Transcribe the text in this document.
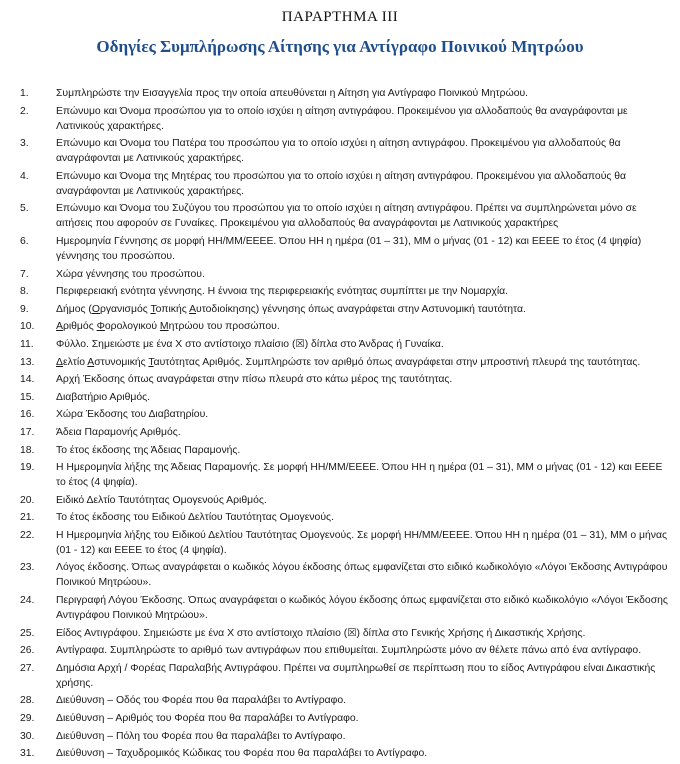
ΠΑΡΑΡΤΗΜΑ III
Οδηγίες Συμπλήρωσης Αίτησης για Αντίγραφο Ποινικού Μητρώου
1.	Συμπληρώστε την Εισαγγελία προς την οποία απευθύνεται η Αίτηση για Αντίγραφο Ποινικού Μητρώου.
2.	Επώνυμο και Όνομα προσώπου για το οποίο ισχύει η αίτηση αντιγράφου. Προκειμένου για αλλοδαπούς θα αναγράφονται με Λατινικούς χαρακτήρες.
3.	Επώνυμο και Όνομα του Πατέρα του προσώπου για το οποίο ισχύει η αίτηση αντιγράφου. Προκειμένου για αλλοδαπούς θα αναγράφονται με Λατινικούς χαρακτήρες.
4.	Επώνυμο και Όνομα της Μητέρας του προσώπου για το οποίο ισχύει η αίτηση αντιγράφου. Προκειμένου για αλλοδαπούς θα αναγράφονται με Λατινικούς χαρακτήρες.
5.	Επώνυμο και Όνομα του Συζύγου του προσώπου για το οποίο ισχύει η αίτηση αντιγράφου. Πρέπει να συμπληρώνεται μόνο σε αιτήσεις που αφορούν σε Γυναίκες. Προκειμένου για αλλοδαπούς θα αναγράφονται με Λατινικούς χαρακτήρες
6.	Ημερομηνία Γέννησης σε μορφή ΗΗ/ΜΜ/ΕΕΕΕ. Όπου ΗΗ η ημέρα (01 – 31), ΜΜ ο μήνας (01 - 12) και ΕΕΕΕ το έτος (4 ψηφία) γέννησης του προσώπου.
7.	Χώρα γέννησης του προσώπου.
8.	Περιφερειακή ενότητα γέννησης. Η έννοια της περιφερειακής ενότητας συμπίπτει με την Νομαρχία.
9.	Δήμος (Οργανισμός Τοπικής Αυτοδιοίκησης) γέννησης όπως αναγράφεται στην Αστυνομική ταυτότητα.
10.	Αριθμός Φορολογικού Μητρώου του προσώπου.
11.	Φύλλο. Σημειώστε με ένα Χ στο αντίστοιχο πλαίσιο (☒) δίπλα στο Άνδρας ή Γυναίκα.
13.	Δελτίο Αστυνομικής Ταυτότητας Αριθμός. Συμπληρώστε τον αριθμό όπως αναγράφεται στην μπροστινή πλευρά της ταυτότητας.
14.	Αρχή Έκδοσης όπως αναγράφεται στην πίσω πλευρά στο κάτω μέρος της ταυτότητας.
15.	Διαβατήριο Αριθμός.
16.	Χώρα Έκδοσης του Διαβατηρίου.
17.	Άδεια Παραμονής Αριθμός.
18.	Το έτος έκδοσης της Άδειας Παραμονής.
19.	Η Ημερομηνία λήξης της Άδειας Παραμονής. Σε μορφή ΗΗ/ΜΜ/ΕΕΕΕ. Όπου ΗΗ η ημέρα (01 – 31), ΜΜ ο μήνας (01 - 12) και ΕΕΕΕ το έτος (4 ψηφία).
20.	Ειδικό Δελτίο Ταυτότητας Ομογενούς Αριθμός.
21.	Το έτος έκδοσης του Ειδικού Δελτίου Ταυτότητας Ομογενούς.
22.	Η Ημερομηνία λήξης του Ειδικού Δελτίου Ταυτότητας Ομογενούς. Σε μορφή ΗΗ/ΜΜ/ΕΕΕΕ. Όπου ΗΗ η ημέρα (01 – 31), ΜΜ ο μήνας (01 - 12) και ΕΕΕΕ το έτος (4 ψηφία).
23.	Λόγος έκδοσης. Όπως αναγράφεται ο κωδικός λόγου έκδοσης όπως εμφανίζεται στο ειδικό κωδικολόγιο «Λόγοι Έκδοσης Αντιγράφου Ποινικού Μητρώου».
24.	Περιγραφή Λόγου Έκδοσης. Όπως αναγράφεται ο κωδικός λόγου έκδοσης όπως εμφανίζεται στο ειδικό κωδικολόγιο «Λόγοι Έκδοσης Αντιγράφου Ποινικού Μητρώου».
25.	Είδος Αντιγράφου. Σημειώστε με ένα Χ στο αντίστοιχο πλαίσιο (☒) δίπλα στο Γενικής Χρήσης ή Δικαστικής Χρήσης.
26.	Αντίγραφα. Συμπληρώστε το αριθμό των αντιγράφων που επιθυμείται. Συμπληρώστε μόνο αν θέλετε πάνω από ένα αντίγραφο.
27.	Δημόσια Αρχή / Φορέας Παραλαβής Αντιγράφου. Πρέπει να συμπληρωθεί σε περίπτωση που το είδος Αντιγράφου είναι Δικαστικής χρήσης.
28.	Διεύθυνση – Οδός του Φορέα που θα παραλάβει το Αντίγραφο.
29.	Διεύθυνση – Αριθμός του Φορέα που θα παραλάβει το Αντίγραφο.
30.	Διεύθυνση – Πόλη του Φορέα που θα παραλάβει το Αντίγραφο.
31.	Διεύθυνση – Ταχυδρομικός Κώδικας του Φορέα που θα παραλάβει το Αντίγραφο.
